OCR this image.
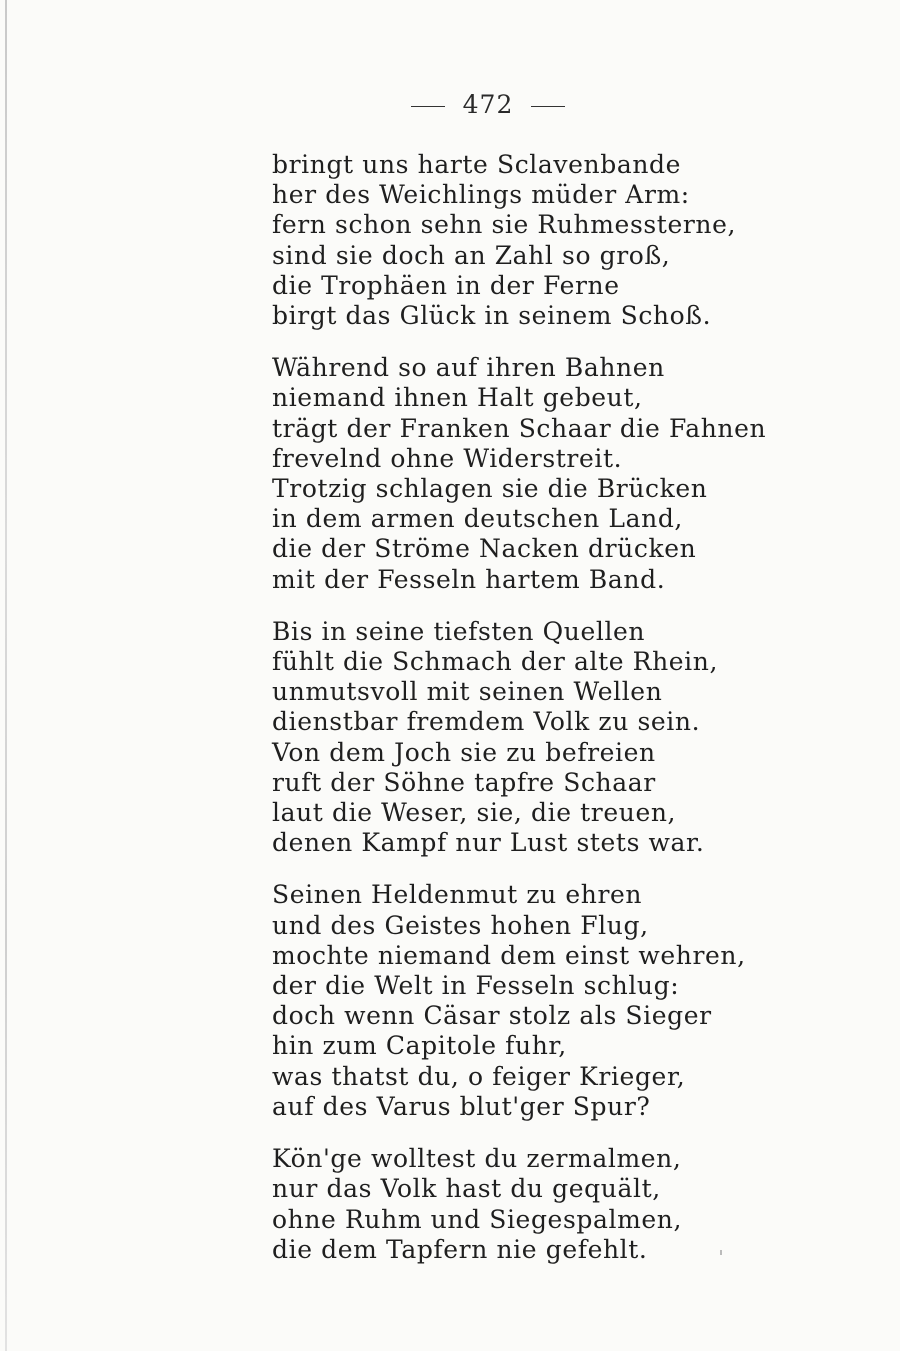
472
bringt uns harte Sclavenbande
her des Weichlings müder Arm:
fern schon sehn sie Ruhmessterne,
sind sie doch an Zahl so groß,
die Trophäen in der Ferne
birgt das Glück in seinem Schoß.
Während so auf ihren Bahnen
niemand ihnen Halt gebeut,
trägt der Franken Schaar die Fahnen
frevelnd ohne Widerstreit.
Trotzig schlagen sie die Brücken
in dem armen deutschen Land,
die der Ströme Nacken drücken
mit der Fesseln hartem Band.
Bis in seine tiefsten Quellen
fühlt die Schmach der alte Rhein,
unmutsvoll mit seinen Wellen
dienstbar fremdem Volk zu sein.
Von dem Joch sie zu befreien
ruft der Söhne tapfre Schaar
laut die Weser, sie, die treuen,
denen Kampf nur Lust stets war.
Seinen Heldenmut zu ehren
und des Geistes hohen Flug,
mochte niemand dem einst wehren,
der die Welt in Fesseln schlug:
doch wenn Cäsar stolz als Sieger
hin zum Capitole fuhr,
was thatst du, o feiger Krieger,
auf des Varus blut'ger Spur?
Kön'ge wolltest du zermalmen,
nur das Volk hast du gequält,
ohne Ruhm und Siegespalmen,
die dem Tapfern nie gefehlt.
